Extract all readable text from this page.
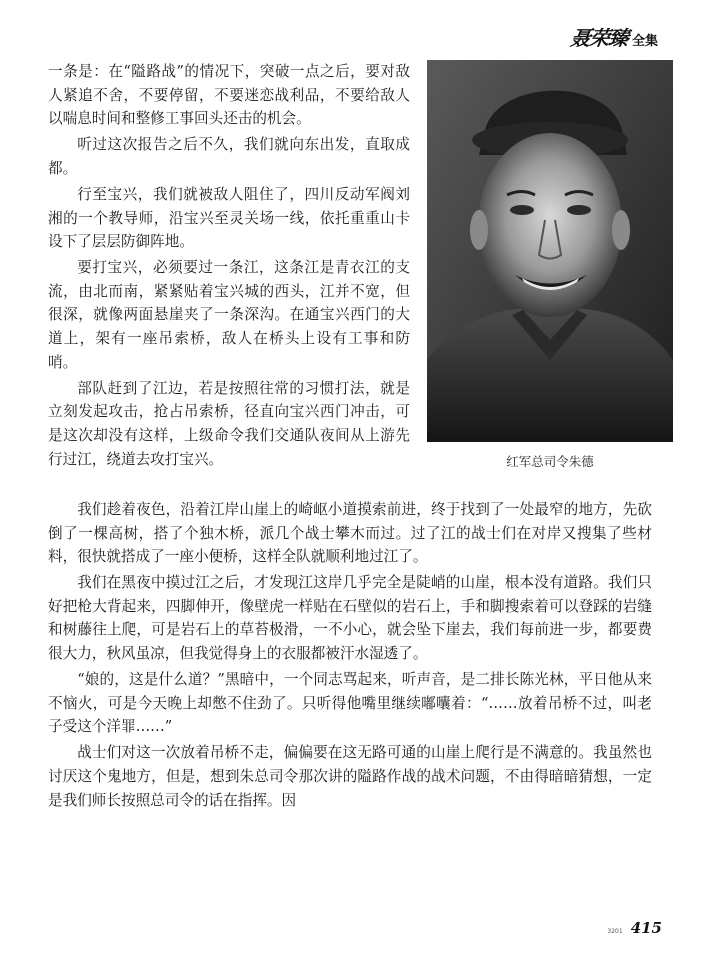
聂荣臻 全集

一条是：在“隘路战”的情况下，突破一点之后，要对敌人紧追不舍，不要停留，不要迷恋战利品，不要给敌人以喘息时间和整修工事回头还击的机会。

听过这次报告之后不久，我们就向东出发，直取成都。

行至宝兴，我们就被敌人阻住了，四川反动军阀刘湘的一个教导师，沿宝兴至灵关场一线，依托重重山卡设下了层层防御阵地。

要打宝兴，必须要过一条江，这条江是青衣江的支流，由北而南，紧紧贴着宝兴城的西头，江并不宽，但很深，就像两面悬崖夹了一条深沟。在通宝兴西门的大道上，架有一座吊索桥，敌人在桥头上设有工事和防哨。

部队赶到了江边，若是按照往常的习惯打法，就是立刻发起攻击，抢占吊索桥，径直向宝兴西门冲击，可是这次却没有这样，上级命令我们交通队夜间从上游先行过江，绕道去攻打宝兴。	红军总司令朱德

我们趁着夜色，沿着江岸山崖上的崎岖小道摸索前进，终于找到了一处最窄的地方，先砍倒了一棵高树，搭了个独木桥，派几个战士攀木而过。过了江的战士们在对岸又搜集了些材料，很快就搭成了一座小便桥，这样全队就顺利地过江了。

我们在黑夜中摸过江之后，才发现江这岸几乎完全是陡峭的山崖，根本没有道路。我们只好把枪大背起来，四脚伸开，像壁虎一样贴在石壁似的岩石上，手和脚搜索着可以登踩的岩缝和树藤往上爬，可是岩石上的草苔极滑，一不小心，就会坠下崖去，我们每前进一步，都要费很大力，秋风虽凉，但我觉得身上的衣服都被汗水湿透了。

“娘的，这是什么道？”黑暗中，一个同志骂起来，听声音，是二排长陈光林，平日他从来不恼火，可是今天晚上却憋不住劲了。只听得他嘴里继续嘟囔着：“……放着吊桥不过，叫老子受这个洋罪……”

战士们对这一次放着吊桥不走，偏偏要在这无路可通的山崖上爬行是不满意的。我虽然也讨厌这个鬼地方，但是，想到朱总司令那次讲的隘路作战的战术问题，不由得暗暗猜想，一定是我们师长按照总司令的话在指挥。因

3201 415
